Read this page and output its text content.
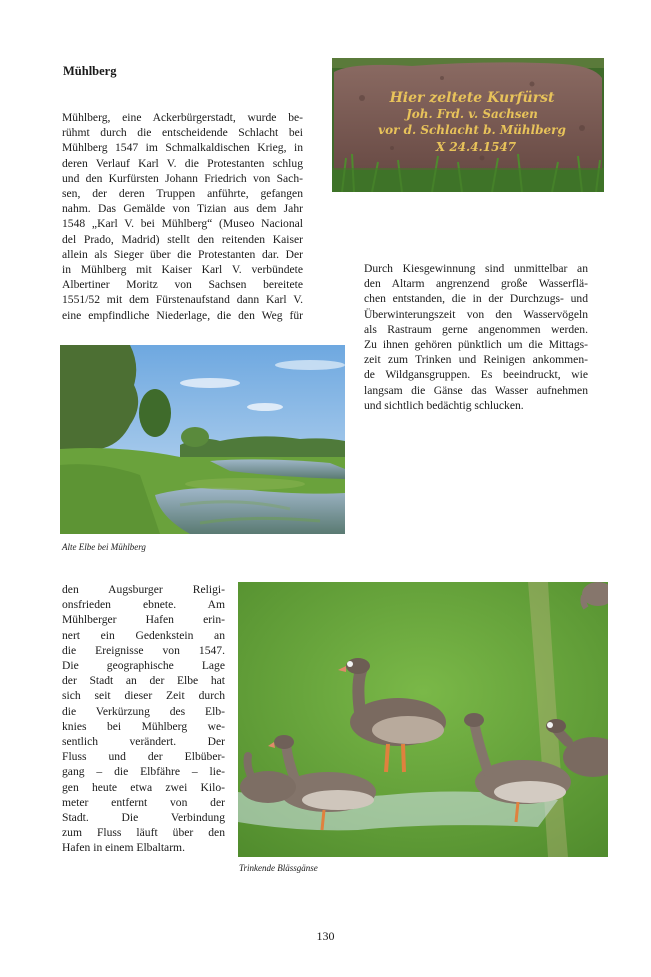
Mühlberg
Mühlberg, eine Ackerbürgerstadt, wurde be-
rühmt durch die entscheidende Schlacht bei
Mühlberg 1547 im Schmalkaldischen Krieg, in
deren Verlauf Karl V. die Protestanten schlug
und den Kurfürsten Johann Friedrich von Sach-
sen, der deren Truppen anführte, gefangen
nahm. Das Gemälde von Tizian aus dem Jahr
1548 „Karl V. bei Mühlberg“ (Museo Nacional
del Prado, Madrid) stellt den reitenden Kaiser
allein als Sieger über die Protestanten dar. Der
in Mühlberg mit Kaiser Karl V. verbündete
Albertiner Moritz von Sachsen bereitete
1551/52 mit dem Fürstenaufstand dann Karl V.
eine empfindliche Niederlage, die den Weg für
Hier zeltete Kurfürst
Joh. Frd. v. Sachsen
vor d. Schlacht b. Mühlberg
X 24.4.1547
Durch Kiesgewinnung sind unmittelbar an
den Altarm angrenzend große Wasserflä-
chen entstanden, die in der Durchzugs- und
Überwinterungszeit von den Wasservögeln
als Rastraum gerne angenommen werden.
Zu ihnen gehören pünktlich um die Mittags-
zeit zum Trinken und Reinigen ankommen-
de Wildgansgruppen. Es beeindruckt, wie
langsam die Gänse das Wasser aufnehmen
und sichtlich bedächtig schlucken.
Alte Elbe bei Mühlberg
den Augsburger Religi-
onsfrieden ebnete. Am
Mühlberger Hafen erin-
nert ein Gedenkstein an
die Ereignisse von 1547.
Die geographische Lage
der Stadt an der Elbe hat
sich seit dieser Zeit durch
die Verkürzung des Elb-
knies bei Mühlberg we-
sentlich verändert. Der
Fluss und der Elbüber-
gang – die Elbfähre – lie-
gen heute etwa zwei Kilo-
meter entfernt von der
Stadt. Die Verbindung
zum Fluss läuft über den
Hafen in einem Elbaltarm.
Trinkende Blässgänse
130
